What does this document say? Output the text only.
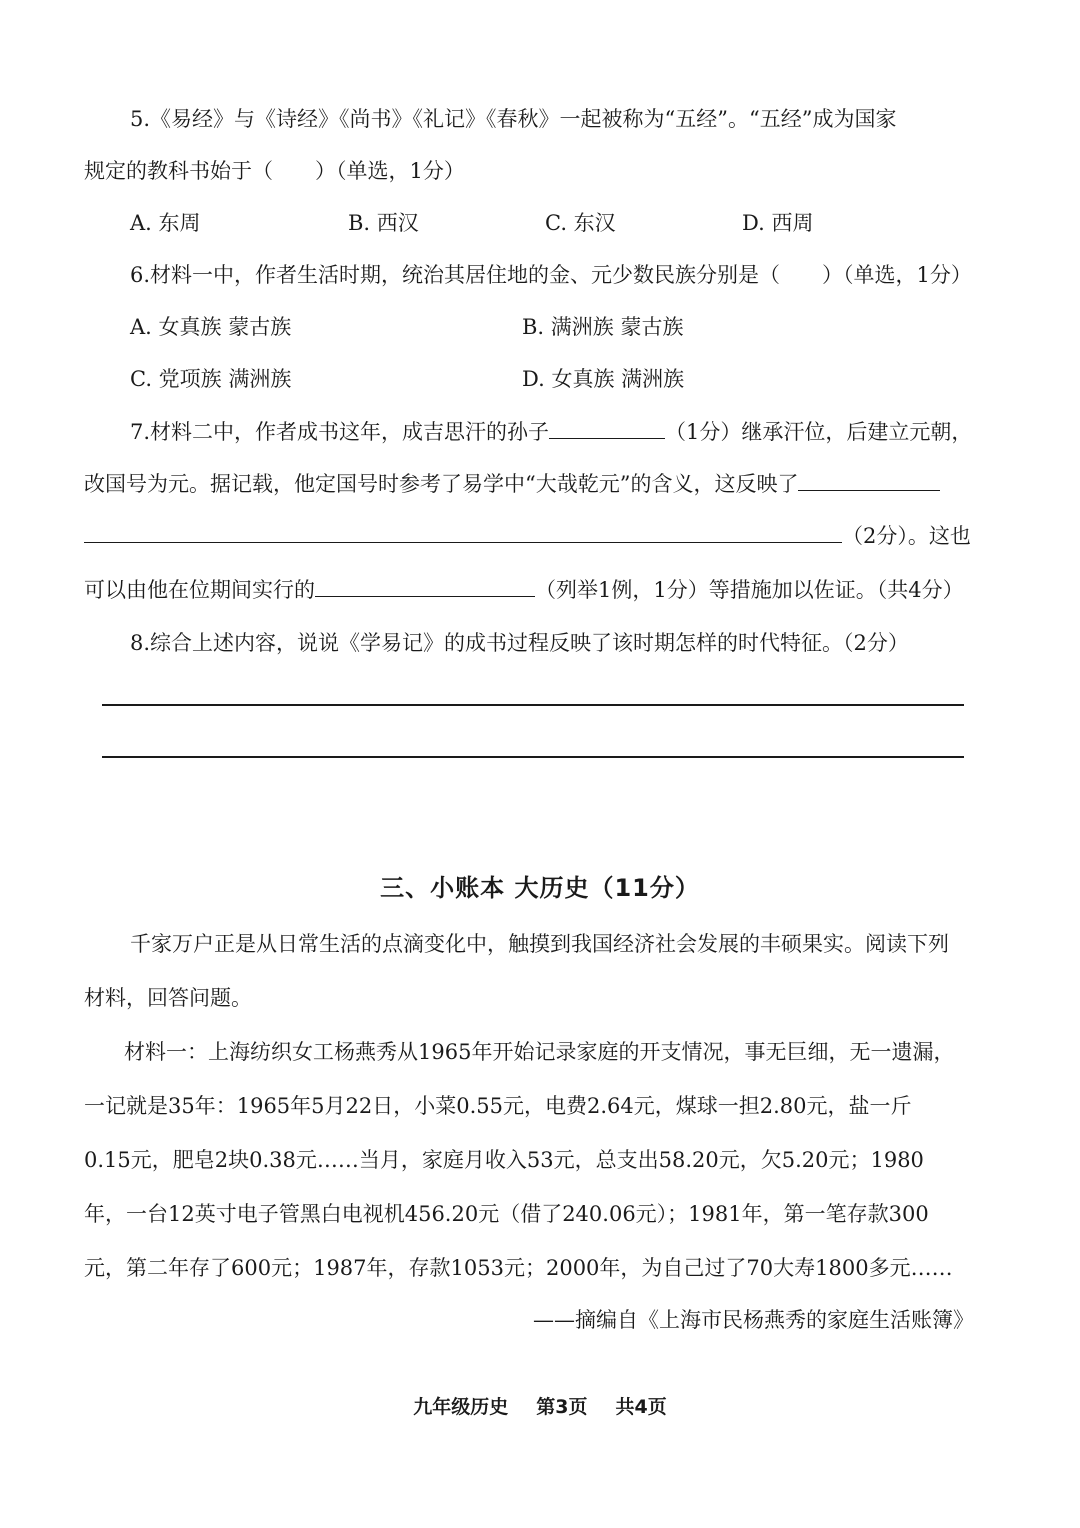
5.《易经》与《诗经》《尚书》《礼记》《春秋》一起被称为“五经”。“五经”成为国家
规定的教科书始于（　　）（单选，1分）
A. 东周	B. 西汉	C. 东汉	D. 西周
6.材料一中，作者生活时期，统治其居住地的金、元少数民族分别是（　　）（单选，1分）
A. 女真族 蒙古族	B. 满洲族 蒙古族
C. 党项族 满洲族	D. 女真族 满洲族
7.材料二中，作者成书这年，成吉思汗的孙子	（1分）继承汗位，后建立元朝，
改国号为元。据记载，他定国号时参考了易学中“大哉乾元”的含义，这反映了
（2分）。这也
可以由他在位期间实行的	（列举1例，1分）等措施加以佐证。（共4分）
8.综合上述内容，说说《学易记》的成书过程反映了该时期怎样的时代特征。（2分）
三、小账本 大历史（11分）
千家万户正是从日常生活的点滴变化中，触摸到我国经济社会发展的丰硕果实。阅读下列
材料，回答问题。
材料一：上海纺织女工杨燕秀从1965年开始记录家庭的开支情况，事无巨细，无一遗漏，
一记就是35年：1965年5月22日，小菜0.55元，电费2.64元，煤球一担2.80元，盐一斤
0.15元，肥皂2块0.38元……当月，家庭月收入53元，总支出58.20元，欠5.20元；1980
年，一台12英寸电子管黑白电视机456.20元（借了240.06元）；1981年，第一笔存款300
元，第二年存了600元；1987年，存款1053元；2000年，为自己过了70大寿1800多元……
——摘编自《上海市民杨燕秀的家庭生活账簿》
九年级历史 第3页 共4页
